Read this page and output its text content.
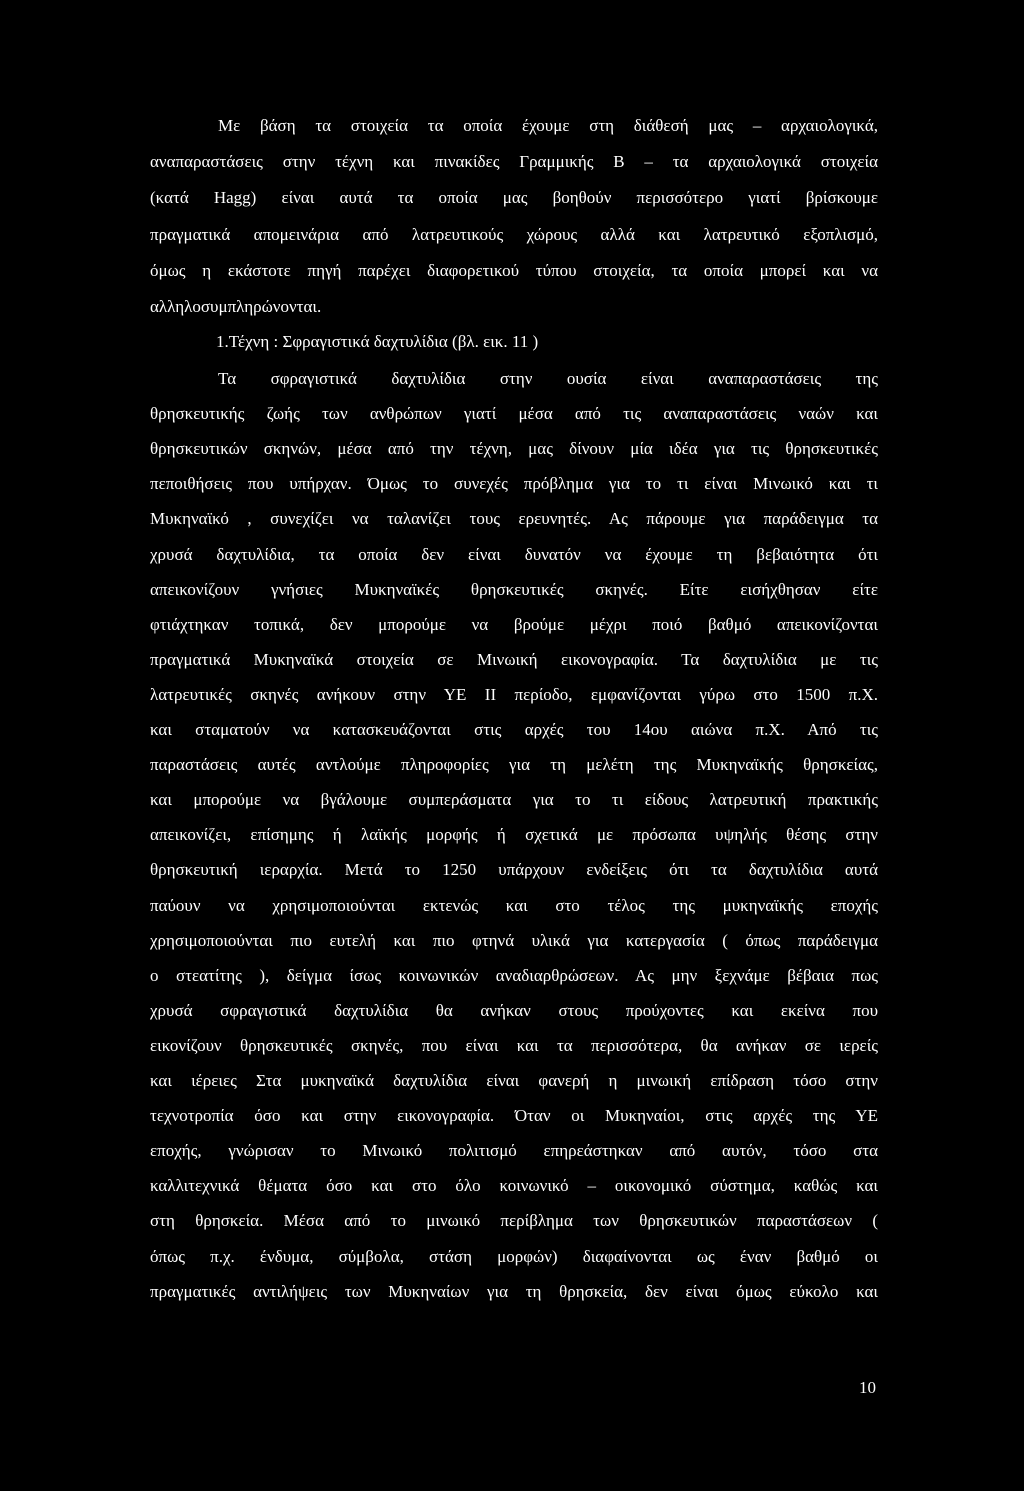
Με βάση τα στοιχεία τα οποία έχουμε στη διάθεσή μας – αρχαιολογικά,
αναπαραστάσεις στην τέχνη και πινακίδες Γραμμικής Β – τα αρχαιολογικά στοιχεία
(κατά Hagg) είναι αυτά τα οποία μας βοηθούν περισσότερο γιατί βρίσκουμε
πραγματικά απομεινάρια από λατρευτικούς χώρους αλλά και λατρευτικό εξοπλισμό,
όμως η εκάστοτε πηγή παρέχει διαφορετικού τύπου στοιχεία, τα οποία μπορεί και να
αλληλοσυμπληρώνονται.
1.Τέχνη : Σφραγιστικά δαχτυλίδια (βλ. εικ. 11 )
Τα σφραγιστικά δαχτυλίδια στην ουσία είναι αναπαραστάσεις της
θρησκευτικής ζωής των ανθρώπων γιατί μέσα από τις αναπαραστάσεις ναών και
θρησκευτικών σκηνών, μέσα από την τέχνη, μας δίνουν μία ιδέα για τις θρησκευτικές
πεποιθήσεις που υπήρχαν. Όμως το συνεχές πρόβλημα για το τι είναι Μινωικό και τι
Μυκηναϊκό , συνεχίζει να ταλανίζει τους ερευνητές. Ας πάρουμε για παράδειγμα τα
χρυσά δαχτυλίδια, τα οποία δεν είναι δυνατόν να έχουμε τη βεβαιότητα ότι
απεικονίζουν γνήσιες Μυκηναϊκές θρησκευτικές σκηνές. Είτε εισήχθησαν είτε
φτιάχτηκαν τοπικά, δεν μπορούμε να βρούμε μέχρι ποιό βαθμό απεικονίζονται
πραγματικά Μυκηναϊκά στοιχεία σε Μινωική εικονογραφία. Τα δαχτυλίδια με τις
λατρευτικές σκηνές ανήκουν στην ΥΕ ΙΙ περίοδο, εμφανίζονται γύρω στο 1500 π.Χ.
και σταματούν να κατασκευάζονται στις αρχές του 14ου αιώνα π.Χ. Από τις
παραστάσεις αυτές αντλούμε πληροφορίες για τη μελέτη της Μυκηναϊκής θρησκείας,
και μπορούμε να βγάλουμε συμπεράσματα για το τι είδους λατρευτική πρακτικής
απεικονίζει, επίσημης ή λαϊκής μορφής ή σχετικά με πρόσωπα υψηλής θέσης στην
θρησκευτική ιεραρχία. Μετά το 1250 υπάρχουν ενδείξεις ότι τα δαχτυλίδια αυτά
παύουν να χρησιμοποιούνται εκτενώς και στο τέλος της μυκηναϊκής εποχής
χρησιμοποιούνται πιο ευτελή και πιο φτηνά υλικά για κατεργασία ( όπως παράδειγμα
ο στεατίτης ), δείγμα ίσως κοινωνικών αναδιαρθρώσεων. Ας μην ξεχνάμε βέβαια πως
χρυσά σφραγιστικά δαχτυλίδια θα ανήκαν στους προύχοντες και εκείνα που
εικονίζουν θρησκευτικές σκηνές, που είναι και τα περισσότερα, θα ανήκαν σε ιερείς
και ιέρειες Στα μυκηναϊκά δαχτυλίδια είναι φανερή η μινωική επίδραση τόσο στην
τεχνοτροπία όσο και στην εικονογραφία. Όταν οι Μυκηναίοι, στις αρχές της ΥΕ
εποχής, γνώρισαν το Μινωικό πολιτισμό επηρεάστηκαν από αυτόν, τόσο στα
καλλιτεχνικά θέματα όσο και στο όλο κοινωνικό – οικονομικό σύστημα, καθώς και
στη θρησκεία. Μέσα από το μινωικό περίβλημα των θρησκευτικών παραστάσεων (
όπως π.χ. ένδυμα, σύμβολα, στάση μορφών) διαφαίνονται ως έναν βαθμό οι
πραγματικές αντιλήψεις των Μυκηναίων για τη θρησκεία, δεν είναι όμως εύκολο και
10
